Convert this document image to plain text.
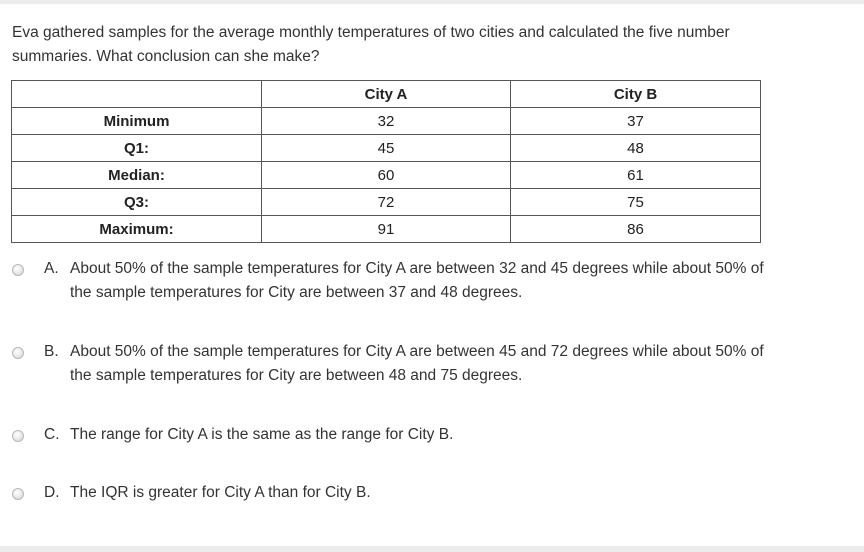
Eva gathered samples for the average monthly temperatures of two cities and calculated the five number summaries. What conclusion can she make?

	City A	City B
Minimum	32	37
Q1:	45	48
Median:	60	61
Q3:	72	75
Maximum:	91	86
A. About 50% of the sample temperatures for City A are between 32 and 45 degrees while about 50% of the sample temperatures for City are between 37 and 48 degrees.
B. About 50% of the sample temperatures for City A are between 45 and 72 degrees while about 50% of the sample temperatures for City are between 48 and 75 degrees.
C. The range for City A is the same as the range for City B.
D. The IQR is greater for City A than for City B.
